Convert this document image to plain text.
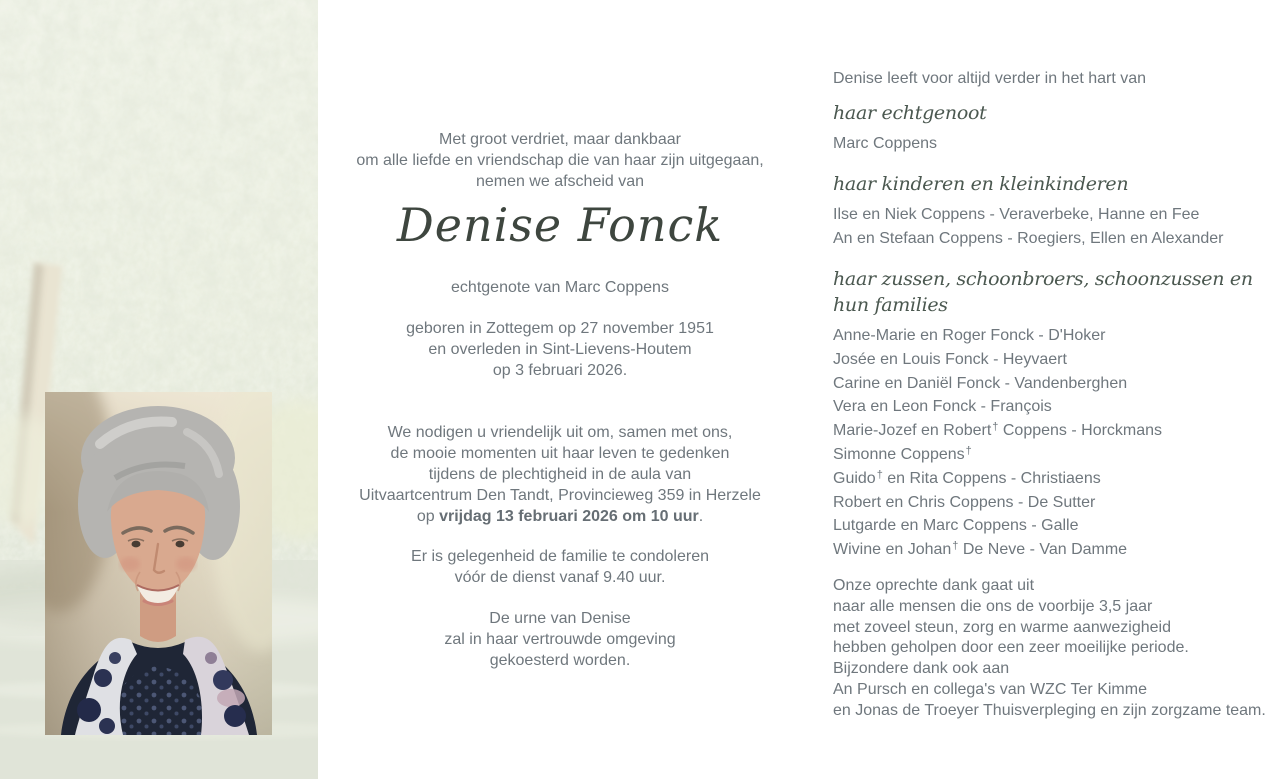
Met groot verdriet, maar dankbaar
om alle liefde en vriendschap die van haar zijn uitgegaan,
nemen we afscheid van

Denise Fonck

echtgenote van Marc Coppens

geboren in Zottegem op 27 november 1951
en overleden in Sint-Lievens-Houtem
op 3 februari 2026.

We nodigen u vriendelijk uit om, samen met ons,
de mooie momenten uit haar leven te gedenken
tijdens de plechtigheid in de aula van
Uitvaartcentrum Den Tandt, Provincieweg 359 in Herzele
op vrijdag 13 februari 2026 om 10 uur.

Er is gelegenheid de familie te condoleren
vóór de dienst vanaf 9.40 uur.

De urne van Denise
zal in haar vertrouwde omgeving
gekoesterd worden.

Denise leeft voor altijd verder in het hart van

haar echtgenoot
Marc Coppens
haar kinderen en kleinkinderen
Ilse en Niek Coppens - Veraverbeke, Hanne en Fee
An en Stefaan Coppens - Roegiers, Ellen en Alexander
haar zussen, schoonbroers, schoonzussen en hun families
Anne-Marie en Roger Fonck - D'Hoker
Josée en Louis Fonck - Heyvaert
Carine en Daniël Fonck - Vandenberghen
Vera en Leon Fonck - François
Marie-Jozef en Robert† Coppens - Horckmans
Simonne Coppens†
Guido† en Rita Coppens - Christiaens
Robert en Chris Coppens - De Sutter
Lutgarde en Marc Coppens - Galle
Wivine en Johan† De Neve - Van Damme

Onze oprechte dank gaat uit
naar alle mensen die ons de voorbije 3,5 jaar
met zoveel steun, zorg en warme aanwezigheid
hebben geholpen door een zeer moeilijke periode.
Bijzondere dank ook aan
An Pursch en collega's van WZC Ter Kimme
en Jonas de Troeyer Thuisverpleging en zijn zorgzame team.
